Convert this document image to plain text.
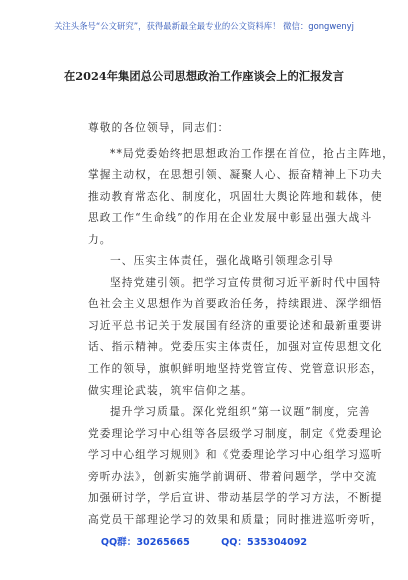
关注头条号“公文研究”，获得最新最全最专业的公文资料库！ 微信：gongwenyj
在2024年集团总公司思想政治工作座谈会上的汇报发言
尊敬的各位领导，同志们：
**局党委始终把思想政治工作摆在首位，抢占主阵地，
掌握主动权，在思想引领、凝聚人心、振奋精神上下功夫
推动教育常态化、制度化，巩固壮大舆论阵地和载体，使
思政工作“生命线”的作用在企业发展中彰显出强大战斗
力。
一、压实主体责任，强化战略引领理念引导
坚持党建引领。把学习宣传贯彻习近平新时代中国特
色社会主义思想作为首要政治任务，持续跟进、深学细悟
习近平总书记关于发展国有经济的重要论述和最新重要讲
话、指示精神。党委压实主体责任，加强对宣传思想文化
工作的领导，旗帜鲜明地坚持党管宣传、党管意识形态，
做实理论武装，筑牢信仰之基。
提升学习质量。深化党组织“第一议题”制度，完善
党委理论学习中心组等各层级学习制度，制定《党委理论
学习中心组学习规则》和《党委理论学习中心组学习巡听
旁听办法》，创新实施学前调研、带着问题学，学中交流
加强研讨学，学后宣讲、带动基层学的学习方法，不断提
高党员干部理论学习的效果和质量；同时推进巡听旁听，
QQ群：30265665	QQ：535304092
